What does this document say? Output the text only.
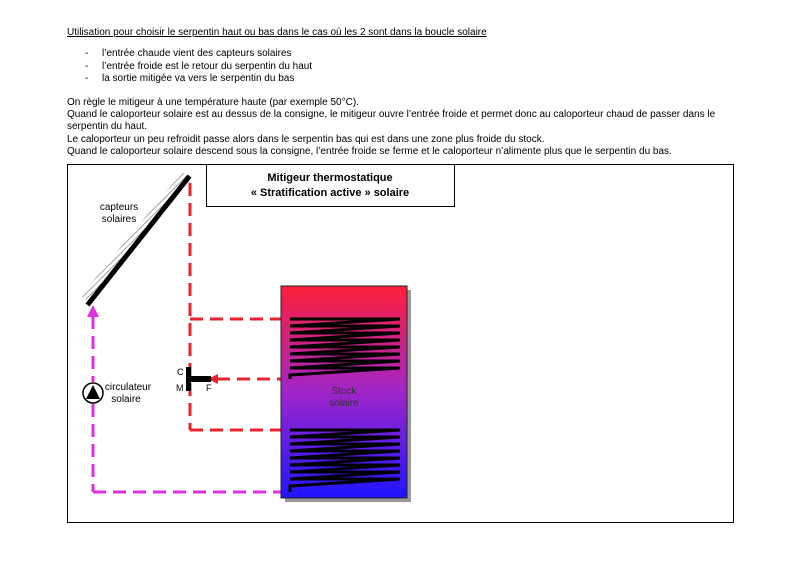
Utilisation pour choisir le serpentin haut ou bas dans le cas où les 2 sont dans la boucle solaire
- l’entrée chaude vient des capteurs solaires
- l’entrée froide est le retour du serpentin du haut
- la sortie mitigée va vers le serpentin du bas

On règle le mitigeur à une température haute (par exemple 50°C).

Quand le caloporteur solaire est au dessus de la consigne, le mitigeur ouvre l’entrée froide et permet donc au caloporteur chaud de passer dans le serpentin du haut.

Le caloporteur un peu refroidit passe alors dans le serpentin bas qui est dans une zone plus froide du stock.

Quand le caloporteur solaire descend sous la consigne, l’entrée froide se ferme et le caloporteur n’alimente plus que le serpentin du bas.

Mitigeur thermostatique
« Stratification active » solaire
capteurs
solaires
circulateur
solaire
C
M	F	Stock
solaire
